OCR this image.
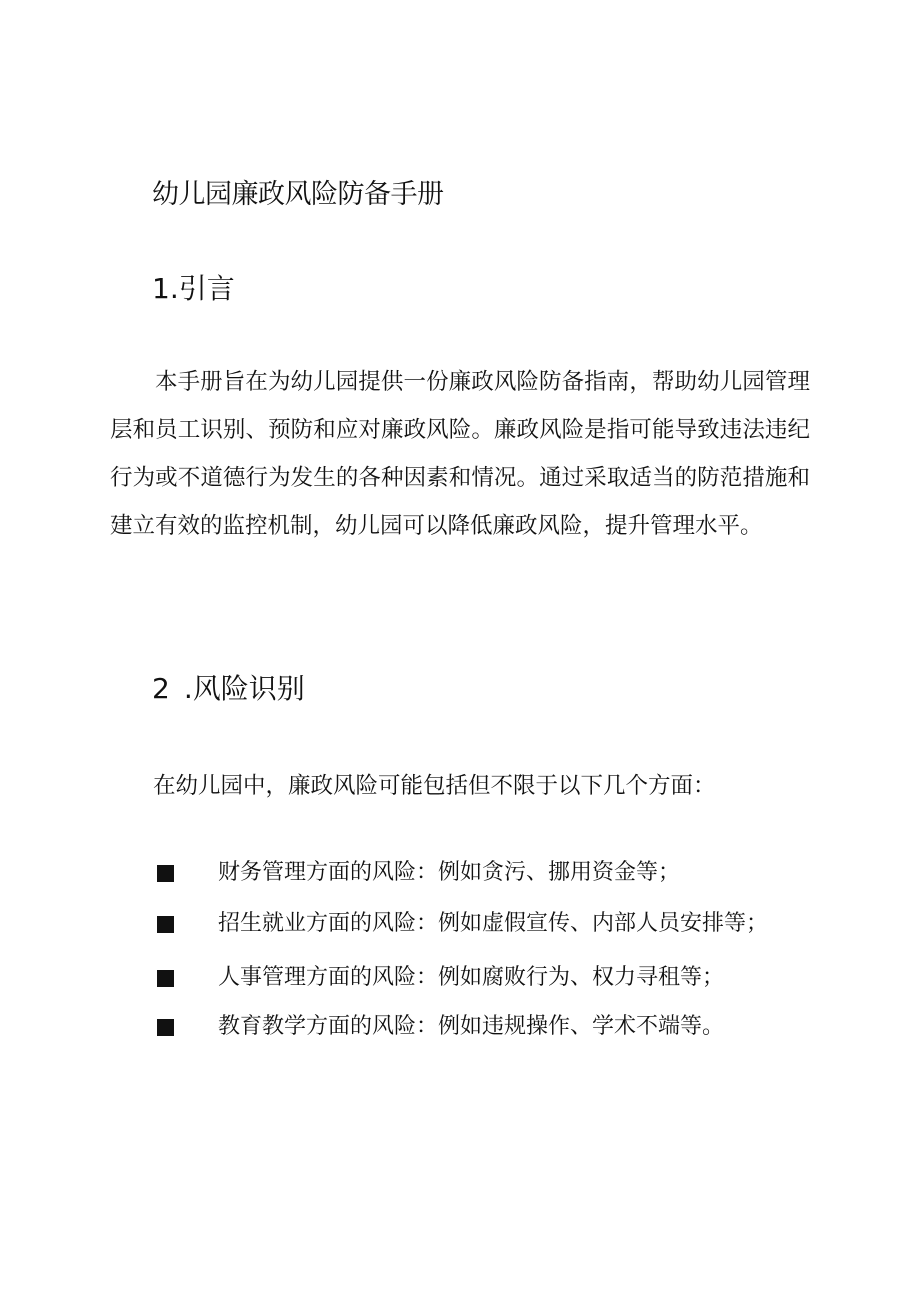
幼儿园廉政风险防备手册
1.引言

本手册旨在为幼儿园提供一份廉政风险防备指南，帮助幼儿园管理层和员工识别、预防和应对廉政风险。廉政风险是指可能导致违法违纪行为或不道德行为发生的各种因素和情况。通过采取适当的防范措施和建立有效的监控机制，幼儿园可以降低廉政风险，提升管理水平。

2 .风险识别

在幼儿园中，廉政风险可能包括但不限于以下几个方面：

财务管理方面的风险：例如贪污、挪用资金等；
招生就业方面的风险：例如虚假宣传、内部人员安排等；
人事管理方面的风险：例如腐败行为、权力寻租等；
教育教学方面的风险：例如违规操作、学术不端等。
